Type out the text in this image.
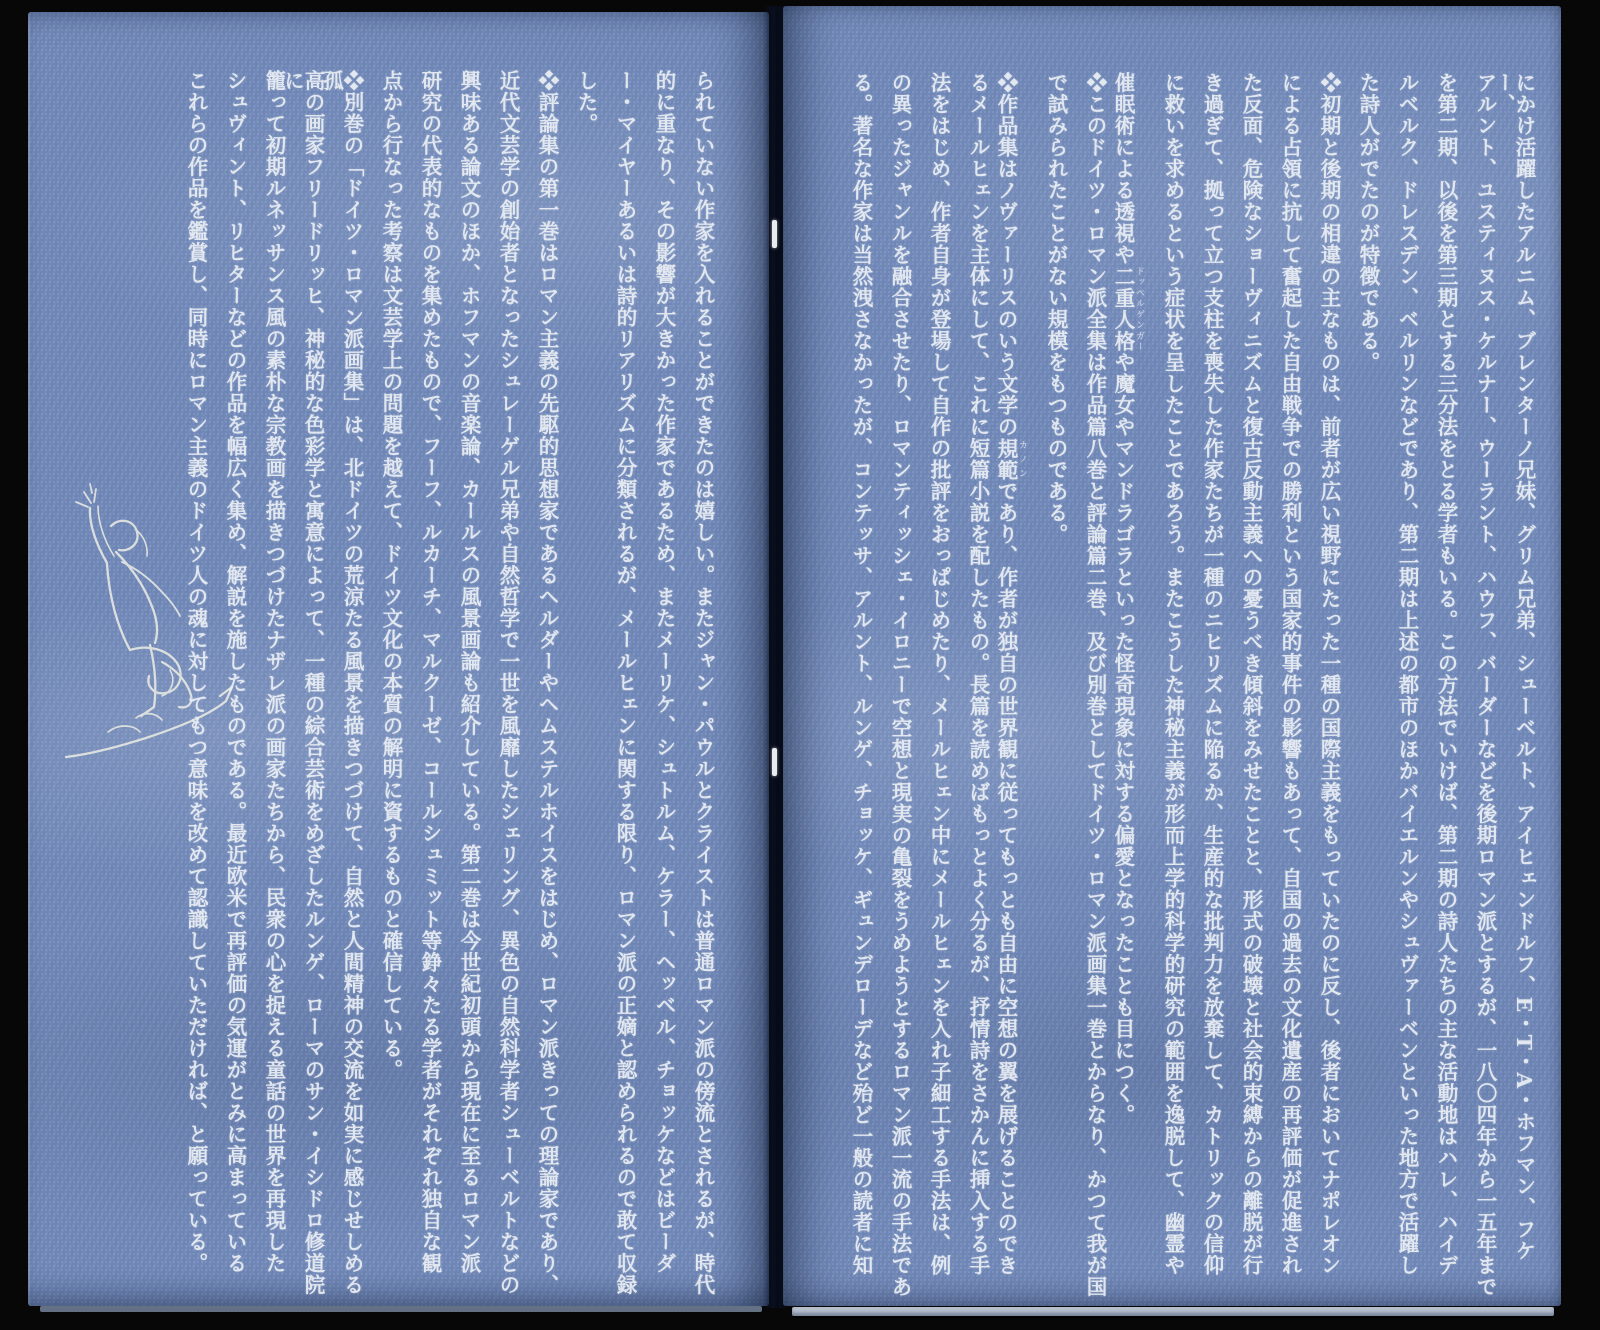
られていない作家を入れることができたのは嬉しい。またジャン・パウルとクライストは普通ロマン派の傍流とされるが、時代
的に重なり、その影響が大きかった作家であるため、またメーリケ、シュトルム、ケラー、ヘッベル、チョッケなどはビーダ
ー・マイヤーあるいは詩的リアリズムに分類されるが、メールヒェンに関する限り、ロマン派の正嫡と認められるので敢て収録
した。
❖評論集の第一巻はロマン主義の先駆的思想家であるヘルダーやヘムステルホイスをはじめ、ロマン派きっての理論家であり、
近代文芸学の創始者となったシュレーゲル兄弟や自然哲学で一世を風靡したシェリング、異色の自然科学者シューベルトなどの
興味ある論文のほか、ホフマンの音楽論、カールスの風景画論も紹介している。第二巻は今世紀初頭から現在に至るロマン派
研究の代表的なものを集めたもので、フーフ、ルカーチ、マルクーゼ、コールシュミット等錚々たる学者がそれぞれ独自な観
点から行なった考察は文芸学上の問題を越えて、ドイツ文化の本質の解明に資するものと確信している。
❖別巻の「ドイツ・ロマン派画集」は、北ドイツの荒涼たる風景を描きつづけて、自然と人間精神の交流を如実に感じせしめる孤
高の画家フリードリッヒ、神秘的な色彩学と寓意によって、一種の綜合芸術をめざしたルンゲ、ローマのサン・イシドロ修道院に
籠って初期ルネッサンス風の素朴な宗教画を描きつづけたナザレ派の画家たちから、民衆の心を捉える童話の世界を再現した
シュヴィント、リヒターなどの作品を幅広く集め、解説を施したものである。最近欧米で再評価の気運がとみに高まっている
これらの作品を鑑賞し、同時にロマン主義のドイツ人の魂に対してもつ意味を改めて認識していただければ、と願っている。	にかけ活躍したアルニム、ブレンターノ兄妹、グリム兄弟、シューベルト、アイヒェンドルフ、E・T・A・ホフマン、フケー、
アルント、ユスティヌス・ケルナー、ウーラント、ハウフ、バーダーなどを後期ロマン派とするが、一八〇四年から一五年まで
を第二期、以後を第三期とする三分法をとる学者もいる。この方法でいけば、第二期の詩人たちの主な活動地はハレ、ハイデ
ルベルク、ドレスデン、ベルリンなどであり、第二期は上述の都市のほかバイエルンやシュヴァーベンといった地方で活躍し
た詩人がでたのが特徴である。
❖初期と後期の相違の主なものは、前者が広い視野にたった一種の国際主義をもっていたのに反し、後者においてナポレオン
による占領に抗して奮起した自由戦争での勝利という国家的事件の影響もあって、自国の過去の文化遺産の再評価が促進され
た反面、危険なショーヴィニズムと復古反動主義への憂うべき傾斜をみせたことと、形式の破壊と社会的束縛からの離脱が行
き過ぎて、拠って立つ支柱を喪失した作家たちが一種のニヒリズムに陥るか、生産的な批判力を放棄して、カトリックの信仰
に救いを求めるという症状を呈したことであろう。またこうした神秘主義が形而上学的科学的研究の範囲を逸脱して、幽霊や
催眠術による透視や二重人格 ドッペルゲンガーや魔女やマンドラゴラといった怪奇現象に対する偏愛となったことも目につく。
❖このドイツ・ロマン派全集は作品篇八巻と評論篇二巻、及び別巻としてドイツ・ロマン派画集一巻とからなり、かつて我が国
で試みられたことがない規模をもつものである。
❖作品集はノヴァーリスのいう文学の規範 カノンであり、作者が独自の世界観に従ってもっとも自由に空想の翼を展げることのでき
るメールヒェンを主体にして、これに短篇小説を配したもの。長篇を読めばもっとよく分るが、抒情詩をさかんに挿入する手
法をはじめ、作者自身が登場して自作の批評をおっぱじめたり、メールヒェン中にメールヒェンを入れ子細工する手法は、例
の異ったジャンルを融合させたり、ロマンティッシェ・イロニーで空想と現実の亀裂をうめようとするロマン派一流の手法であ
る。著名な作家は当然洩さなかったが、コンテッサ、アルント、ルンゲ、チョッケ、ギュンデローデなど殆ど一般の読者に知
